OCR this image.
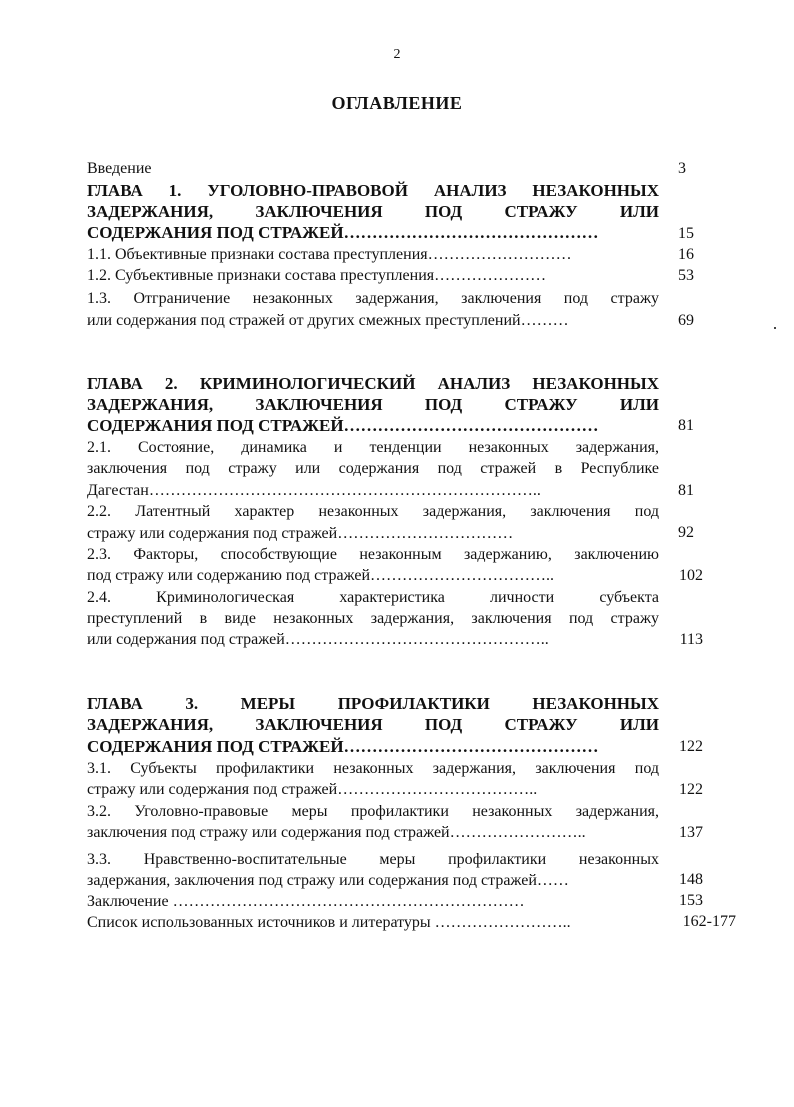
2
ОГЛАВЛЕНИЕ
Введение	3
ГЛАВА 1. УГОЛОВНО-ПРАВОВОЙ АНАЛИЗ НЕЗАКОННЫХ
ЗАДЕРЖАНИЯ, ЗАКЛЮЧЕНИЯ ПОД СТРАЖУ ИЛИ
СОДЕРЖАНИЯ ПОД СТРАЖЕЙ………………………………………	15
1.1. Объективные признаки состава преступления………………………	16
1.2. Субъективные признаки состава преступления…………………	53
1.3. Отграничение незаконных задержания, заключения под стражу
или содержания под стражей от других смежных преступлений………	69
ГЛАВА 2. КРИМИНОЛОГИЧЕСКИЙ АНАЛИЗ НЕЗАКОННЫХ
ЗАДЕРЖАНИЯ, ЗАКЛЮЧЕНИЯ ПОД СТРАЖУ ИЛИ
СОДЕРЖАНИЯ ПОД СТРАЖЕЙ………………………………………	81
2.1. Состояние, динамика и тенденции незаконных задержания,
заключения под стражу или содержания под стражей в Республике
Дагестан………………………………………………………………..	81
2.2. Латентный характер незаконных задержания, заключения под
стражу или содержания под стражей……………………………	92
2.3. Факторы, способствующие незаконным задержанию, заключению
под стражу или содержанию под стражей……………………………..	102
2.4. Криминологическая характеристика личности субъекта
преступлений в виде незаконных задержания, заключения под стражу
или содержания под стражей…………………………………………..	113
ГЛАВА 3. МЕРЫ ПРОФИЛАКТИКИ НЕЗАКОННЫХ
ЗАДЕРЖАНИЯ, ЗАКЛЮЧЕНИЯ ПОД СТРАЖУ ИЛИ
СОДЕРЖАНИЯ ПОД СТРАЖЕЙ………………………………………	122
3.1. Субъекты профилактики незаконных задержания, заключения под
стражу или содержания под стражей………………………………..	122
3.2. Уголовно-правовые меры профилактики незаконных задержания,
заключения под стражу или содержания под стражей……………………..	137
3.3. Нравственно-воспитательные меры профилактики незаконных
задержания, заключения под стражу или содержания под стражей……	148
Заключение …………………………………………………………	153
Список использованных источников и литературы ……………………..	162-177
